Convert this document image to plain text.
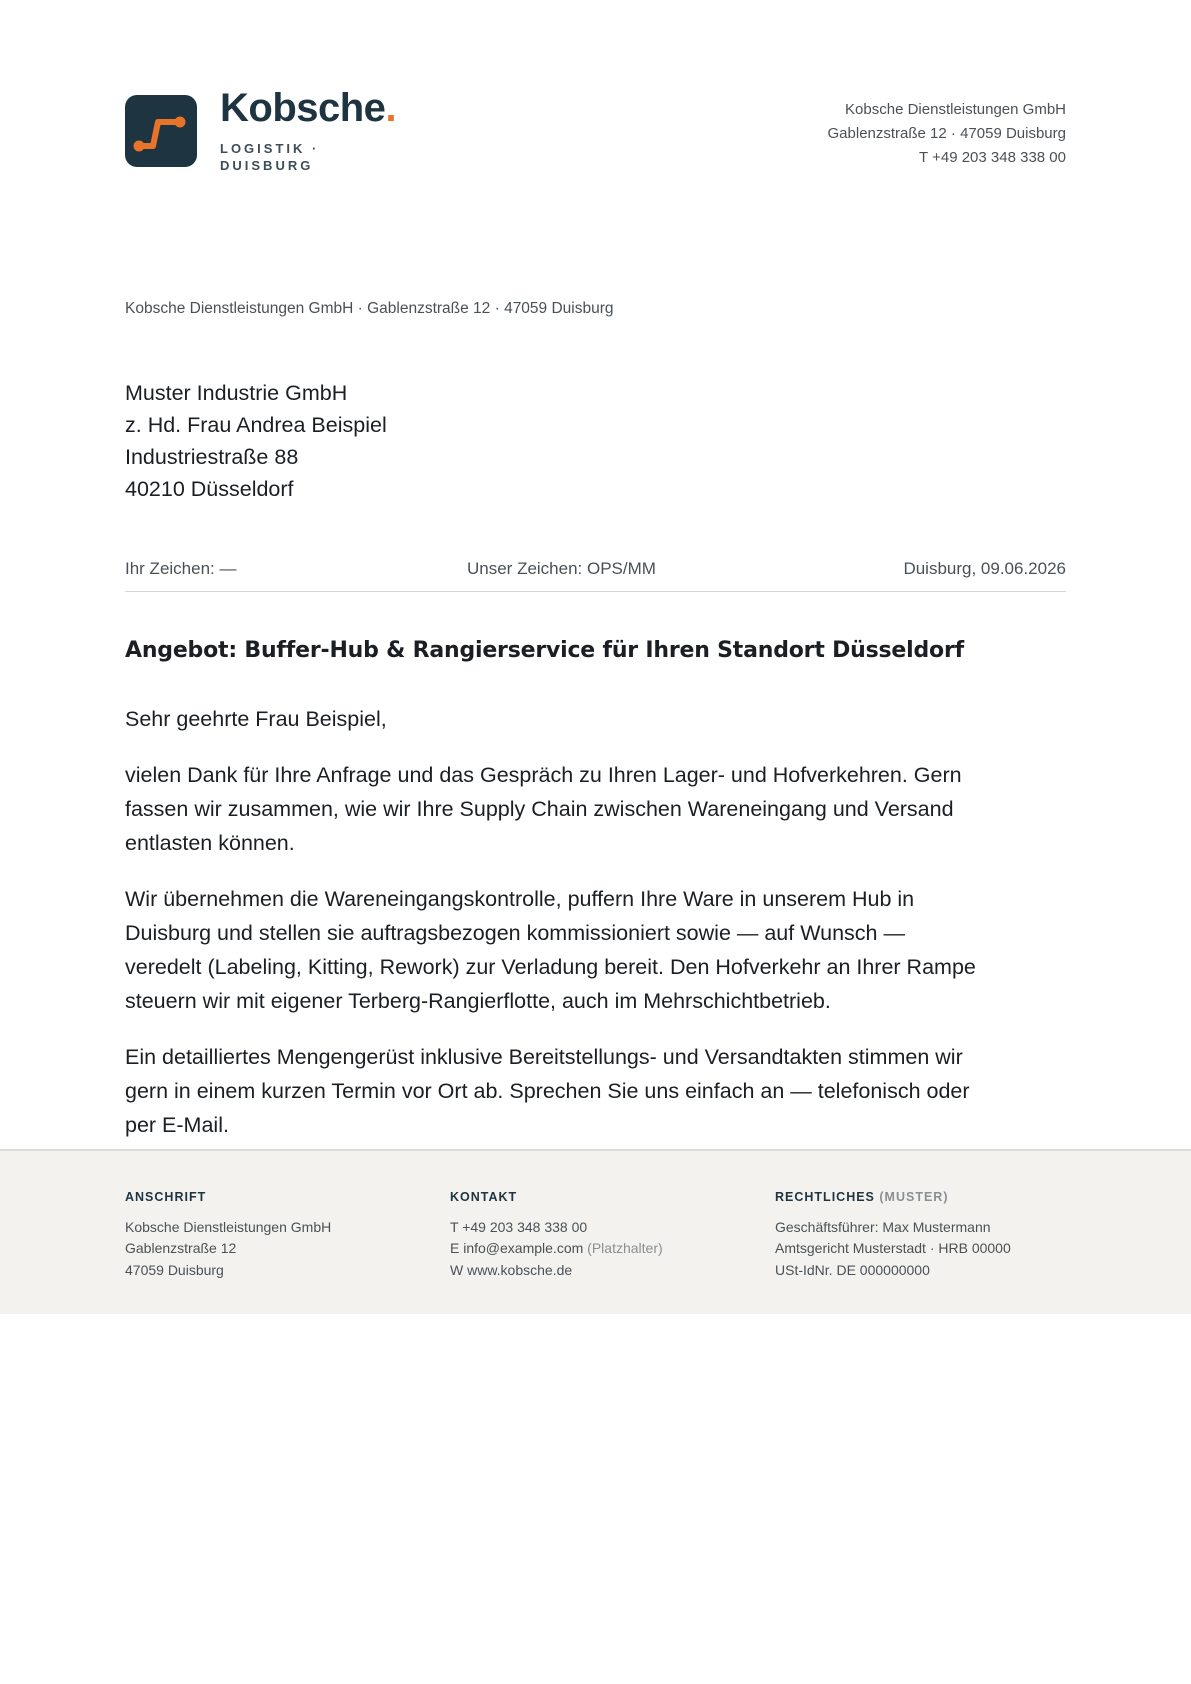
Kobsche.
LOGISTIK · DUISBURG
Kobsche Dienstleistungen GmbH
Gablenzstraße 12 · 47059 Duisburg
T +49 203 348 338 00
Kobsche Dienstleistungen GmbH · Gablenzstraße 12 · 47059 Duisburg
Muster Industrie GmbH
z. Hd. Frau Andrea Beispiel
Industriestraße 88
40210 Düsseldorf
Ihr Zeichen: —	Unser Zeichen: OPS/MM	Duisburg, 09.06.2026
Angebot: Buffer-Hub & Rangierservice für Ihren Standort Düsseldorf

Sehr geehrte Frau Beispiel,

vielen Dank für Ihre Anfrage und das Gespräch zu Ihren Lager- und Hofverkehren. Gern fassen wir zusammen, wie wir Ihre Supply Chain zwischen Wareneingang und Versand entlasten können.

Wir übernehmen die Wareneingangskontrolle, puffern Ihre Ware in unserem Hub in Duisburg und stellen sie auftragsbezogen kommissioniert sowie — auf Wunsch — veredelt (Labeling, Kitting, Rework) zur Verladung bereit. Den Hofverkehr an Ihrer Rampe steuern wir mit eigener Terberg-Rangierflotte, auch im Mehrschichtbetrieb.

Ein detailliertes Mengengerüst inklusive Bereitstellungs- und Versandtakten stimmen wir gern in einem kurzen Termin vor Ort ab. Sprechen Sie uns einfach an — telefonisch oder per E-Mail.

ANSCHRIFT
Kobsche Dienstleistungen GmbH
Gablenzstraße 12
47059 Duisburg
KONTAKT
T +49 203 348 338 00
E info@example.com (Platzhalter)
W www.kobsche.de
RECHTLICHES (MUSTER)
Geschäftsführer: Max Mustermann
Amtsgericht Musterstadt · HRB 00000
USt-IdNr. DE 000000000
